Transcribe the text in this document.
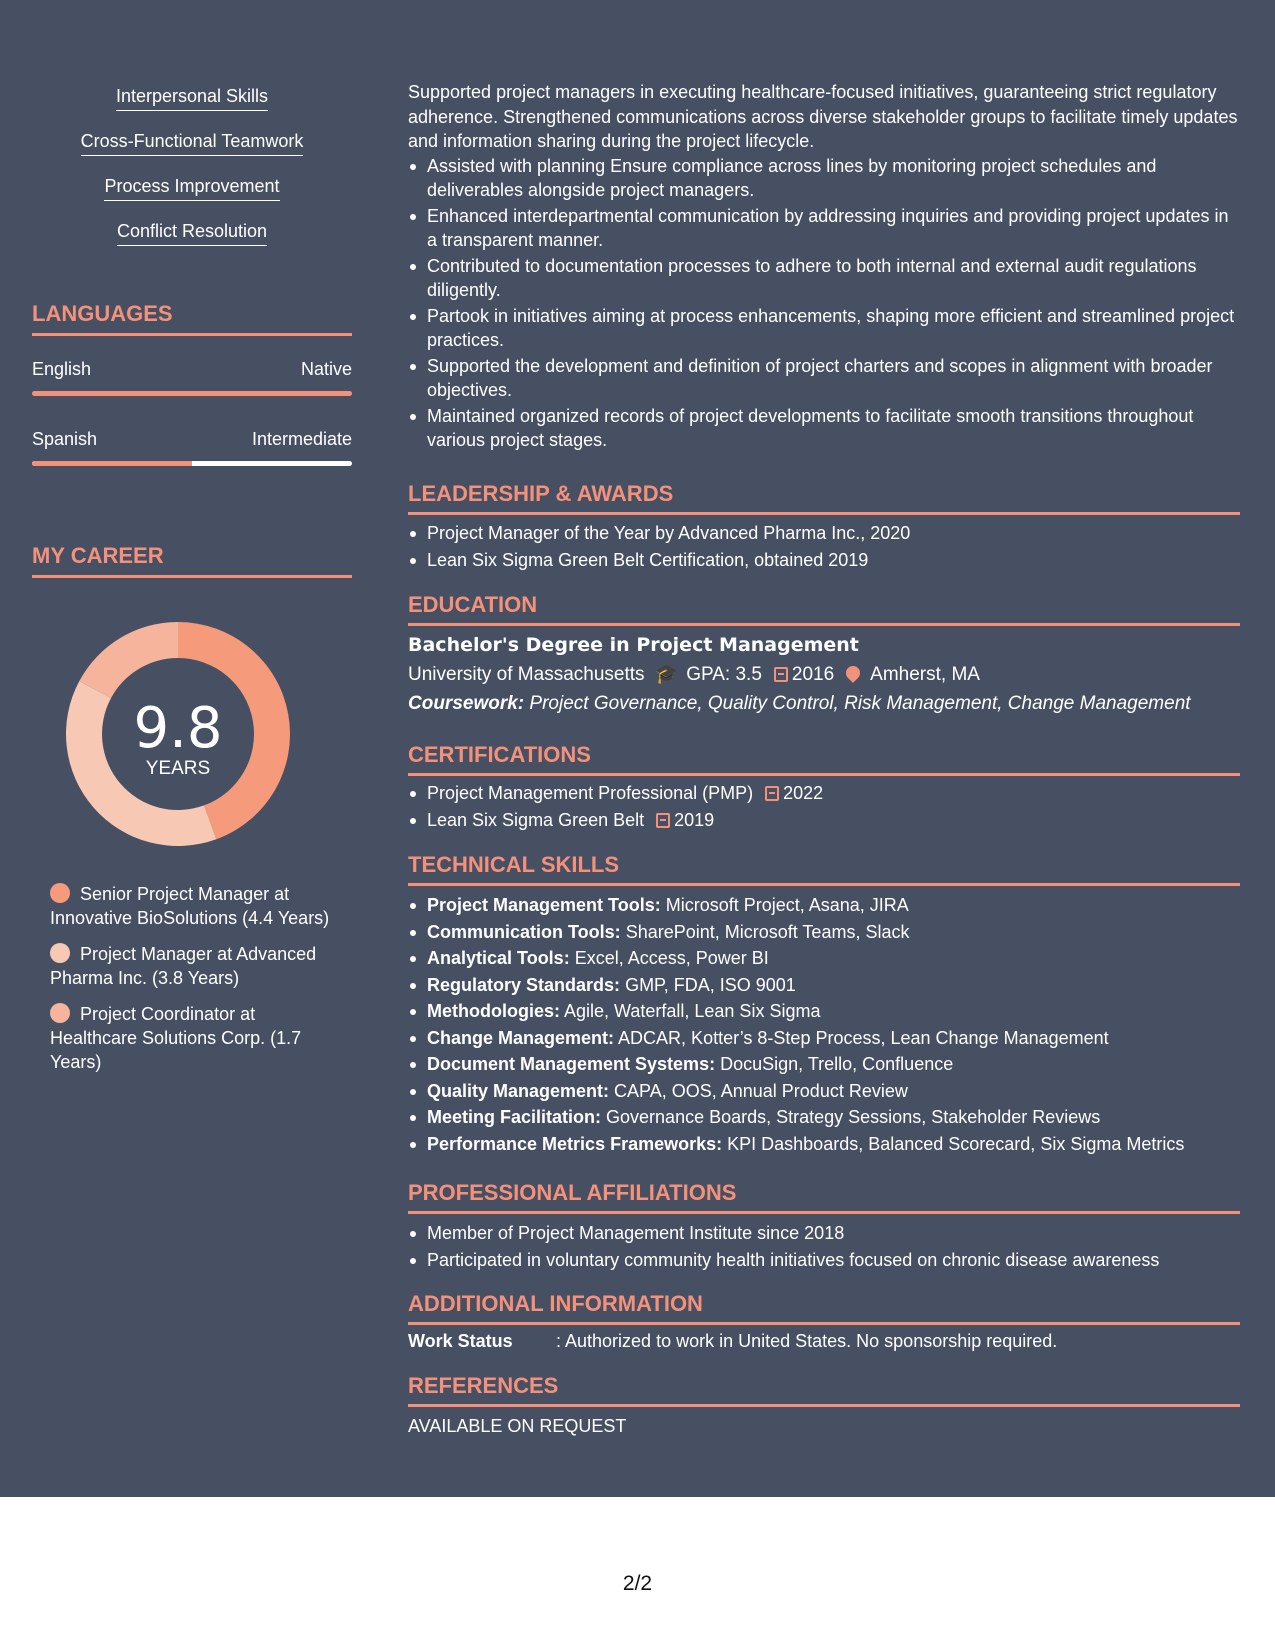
Interpersonal Skills
Cross-Functional Teamwork
Process Improvement
Conflict Resolution
LANGUAGES
English	Native
Spanish	Intermediate
MY CAREER
9.8
YEARS
Senior Project Manager at Innovative BioSolutions (4.4 Years)
Project Manager at Advanced Pharma Inc. (3.8 Years)
Project Coordinator at Healthcare Solutions Corp. (1.7 Years)

Supported project managers in executing healthcare-focused initiatives, guaranteeing strict regulatory adherence. Strengthened communications across diverse stakeholder groups to facilitate timely updates and information sharing during the project lifecycle.

Assisted with planning Ensure compliance across lines by monitoring project schedules and deliverables alongside project managers.
Enhanced interdepartmental communication by addressing inquiries and providing project updates in a transparent manner.
Contributed to documentation processes to adhere to both internal and external audit regulations diligently.
Partook in initiatives aiming at process enhancements, shaping more efficient and streamlined project practices.
Supported the development and definition of project charters and scopes in alignment with broader objectives.
Maintained organized records of project developments to facilitate smooth transitions throughout various project stages.
LEADERSHIP & AWARDS
Project Manager of the Year by Advanced Pharma Inc., 2020
Lean Six Sigma Green Belt Certification, obtained 2019
EDUCATION
Bachelor's Degree in Project Management
University of Massachusetts 🎓 GPA: 3.5 2016 Amherst, MA
Coursework: Project Governance, Quality Control, Risk Management, Change Management
CERTIFICATIONS
Project Management Professional (PMP) 2022
Lean Six Sigma Green Belt 2019
TECHNICAL SKILLS
Project Management Tools: Microsoft Project, Asana, JIRA
Communication Tools: SharePoint, Microsoft Teams, Slack
Analytical Tools: Excel, Access, Power BI
Regulatory Standards: GMP, FDA, ISO 9001
Methodologies: Agile, Waterfall, Lean Six Sigma
Change Management: ADCAR, Kotter’s 8-Step Process, Lean Change Management
Document Management Systems: DocuSign, Trello, Confluence
Quality Management: CAPA, OOS, Annual Product Review
Meeting Facilitation: Governance Boards, Strategy Sessions, Stakeholder Reviews
Performance Metrics Frameworks: KPI Dashboards, Balanced Scorecard, Six Sigma Metrics
PROFESSIONAL AFFILIATIONS
Member of Project Management Institute since 2018
Participated in voluntary community health initiatives focused on chronic disease awareness
ADDITIONAL INFORMATION
Work Status : Authorized to work in United States. No sponsorship required.
REFERENCES
AVAILABLE ON REQUEST
2/2
